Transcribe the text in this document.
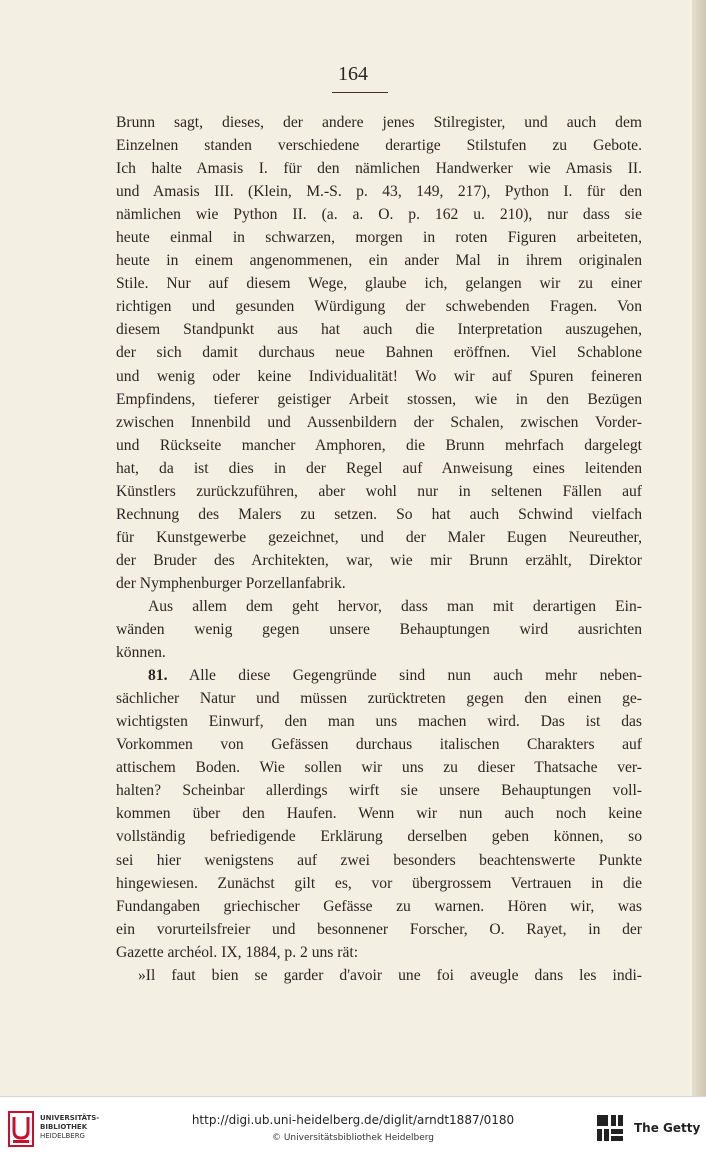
164
Brunn sagt, dieses, der andere jenes Stilregister, und auch dem
Einzelnen standen verschiedene derartige Stilstufen zu Gebote.
Ich halte Amasis I. für den nämlichen Handwerker wie Amasis II.
und Amasis III. (Klein, M.-S. p. 43, 149, 217), Python I. für den
nämlichen wie Python II. (a. a. O. p. 162 u. 210), nur dass sie
heute einmal in schwarzen, morgen in roten Figuren arbeiteten,
heute in einem angenommenen, ein ander Mal in ihrem originalen
Stile. Nur auf diesem Wege, glaube ich, gelangen wir zu einer
richtigen und gesunden Würdigung der schwebenden Fragen. Von
diesem Standpunkt aus hat auch die Interpretation auszugehen,
der sich damit durchaus neue Bahnen eröffnen. Viel Schablone
und wenig oder keine Individualität! Wo wir auf Spuren feineren
Empfindens, tieferer geistiger Arbeit stossen, wie in den Bezügen
zwischen Innenbild und Aussenbildern der Schalen, zwischen Vorder-
und Rückseite mancher Amphoren, die Brunn mehrfach dargelegt
hat, da ist dies in der Regel auf Anweisung eines leitenden
Künstlers zurückzuführen, aber wohl nur in seltenen Fällen auf
Rechnung des Malers zu setzen. So hat auch Schwind vielfach
für Kunstgewerbe gezeichnet, und der Maler Eugen Neureuther,
der Bruder des Architekten, war, wie mir Brunn erzählt, Direktor
der Nymphenburger Porzellanfabrik.
Aus allem dem geht hervor, dass man mit derartigen Ein-
wänden wenig gegen unsere Behauptungen wird ausrichten
können.
81. Alle diese Gegengründe sind nun auch mehr neben-
sächlicher Natur und müssen zurücktreten gegen den einen ge-
wichtigsten Einwurf, den man uns machen wird. Das ist das
Vorkommen von Gefässen durchaus italischen Charakters auf
attischem Boden. Wie sollen wir uns zu dieser Thatsache ver-
halten? Scheinbar allerdings wirft sie unsere Behauptungen voll-
kommen über den Haufen. Wenn wir nun auch noch keine
vollständig befriedigende Erklärung derselben geben können, so
sei hier wenigstens auf zwei besonders beachtenswerte Punkte
hingewiesen. Zunächst gilt es, vor übergrossem Vertrauen in die
Fundangaben griechischer Gefässe zu warnen. Hören wir, was
ein vorurteilsfreier und besonnener Forscher, O. Rayet, in der
Gazette archéol. IX, 1884, p. 2 uns rät:
»Il faut bien se garder d'avoir une foi aveugle dans les indi-
UNIVERSITÄTS-
BIBLIOTHEK
HEIDELBERG
http://digi.ub.uni-heidelberg.de/diglit/arndt1887/0180
© Universitätsbibliothek Heidelberg
The Getty
